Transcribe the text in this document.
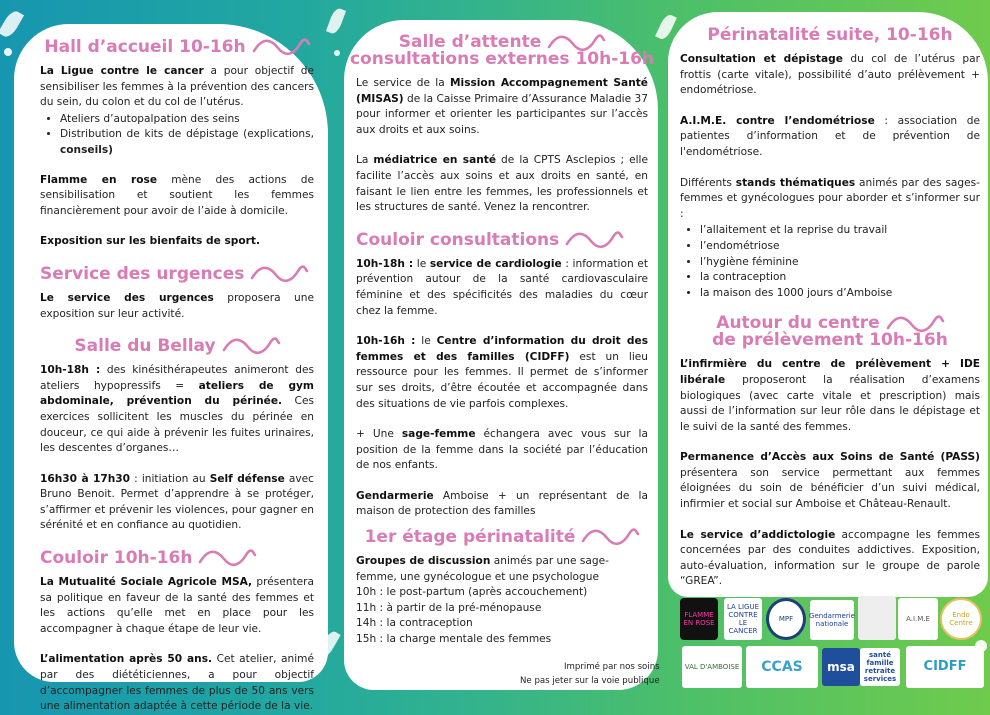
Hall d’accueil 10-16h

La Ligue contre le cancer a pour objectif de sensibiliser les femmes à la prévention des cancers du sein, du colon et du col de l’utérus.

• Ateliers d’autopalpation des seins
• Distribution de kits de dépistage (explications, conseils)

Flamme en rose mène des actions de sensibilisation et soutient les femmes financièrement pour avoir de l’aide à domicile.

Exposition sur les bienfaits de sport.

Service des urgences

Le service des urgences proposera une exposition sur leur activité.

Salle du Bellay

10h-18h : des kinésithérapeutes animeront des ateliers hypopressifs = ateliers de gym abdominale, prévention du périnée. Ces exercices sollicitent les muscles du périnée en douceur, ce qui aide à prévenir les fuites urinaires, les descentes d’organes…

16h30 à 17h30 : initiation au Self défense avec Bruno Benoit. Permet d’apprendre à se protéger, s’affirmer et prévenir les violences, pour gagner en sérénité et en confiance au quotidien.

Couloir 10h-16h

La Mutualité Sociale Agricole MSA, présentera sa politique en faveur de la santé des femmes et les actions qu’elle met en place pour les accompagner à chaque étape de leur vie.

L’alimentation après 50 ans. Cet atelier, animé par des diététiciennes, a pour objectif d’accompagner les femmes de plus de 50 ans vers une alimentation adaptée à cette période de la vie.

Salle d’attente
consultations externes 10h-16h

Le service de la Mission Accompagnement Santé (MISAS) de la Caisse Primaire d’Assurance Maladie 37 pour informer et orienter les participantes sur l’accès aux droits et aux soins.

La médiatrice en santé de la CPTS Asclepios ; elle facilite l’accès aux soins et aux droits en santé, en faisant le lien entre les femmes, les professionnels et les structures de santé. Venez la rencontrer.

Couloir consultations

10h-18h : le service de cardiologie : information et prévention autour de la santé cardiovasculaire féminine et des spécificités des maladies du cœur chez la femme.

10h-16h : le Centre d’information du droit des femmes et des familles (CIDFF) est un lieu ressource pour les femmes. Il permet de s’informer sur ses droits, d’être écoutée et accompagnée dans des situations de vie parfois complexes.

+ Une sage-femme échangera avec vous sur la position de la femme dans la société par l’éducation de nos enfants.

Gendarmerie Amboise + un représentant de la maison de protection des familles

1er étage périnatalité

Groupes de discussion animés par une sage-femme, une gynécologue et une psychologue
10h : le post-partum (après accouchement)
11h : à partir de la pré-ménopause
14h : la contraception
15h : la charge mentale des femmes

Périnatalité suite, 10-16h

Consultation et dépistage du col de l’utérus par frottis (carte vitale), possibilité d’auto prélèvement + endométriose.

A.I.M.E. contre l’endométriose : association de patientes d’information et de prévention de l'endométriose.

Différents stands thématiques animés par des sages-femmes et gynécologues pour aborder et s’informer sur :

• l’allaitement et la reprise du travail
• l’endométriose
• l’hygiène féminine
• la contraception
• la maison des 1000 jours d’Amboise
Autour du centre
de prélèvement 10h-16h

L’infirmière du centre de prélèvement + IDE libérale proposeront la réalisation d’examens biologiques (avec carte vitale et prescription) mais aussi de l’information sur leur rôle dans le dépistage et le suivi de la santé des femmes.

Permanence d’Accès aux Soins de Santé (PASS) présentera son service permettant aux femmes éloignées du soin de bénéficier d’un suivi médical, infirmier et social sur Amboise et Château-Renault.

Le service d’addictologie accompagne les femmes concernées par des conduites addictives. Exposition, auto-évaluation, information sur le groupe de parole “GREA”.

Imprimé par nos soins
Ne pas jeter sur la voie publique
FLAMME EN ROSE
LA LIGUE CONTRE LE CANCER
MPF	Gendarmerie nationale
A.I.M.E	Endo Centre
VAL D'AMBOISE	CCAS	msa
santé famille retraite services
CIDFF
